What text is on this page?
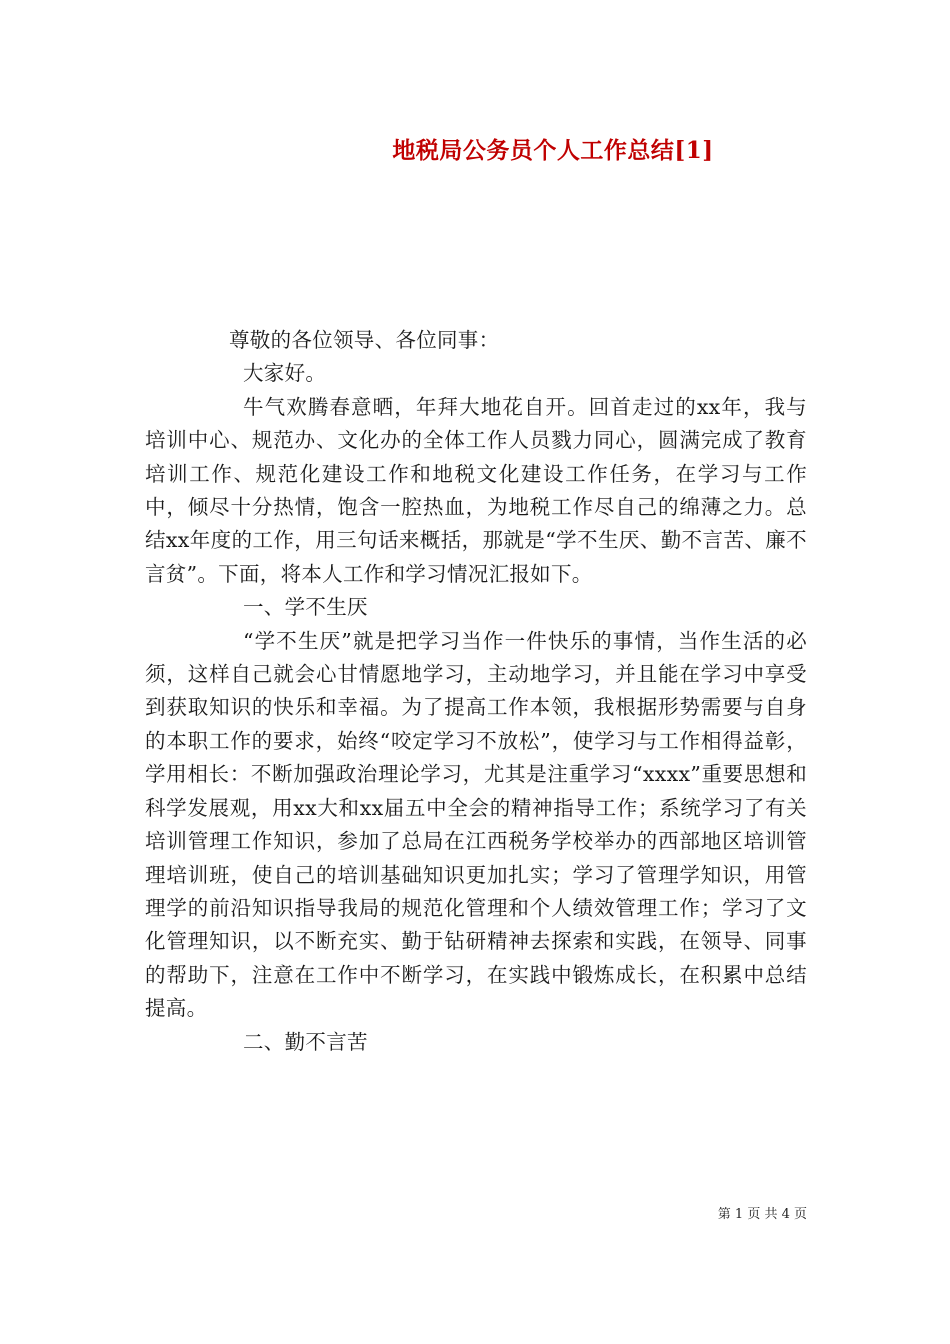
地税局公务员个人工作总结[1]

尊敬的各位领导、各位同事：

大家好。

牛气欢腾春意晒，年拜大地花自开。回首走过的xx年，我与培训中心、规范办、文化办的全体工作人员戮力同心，圆满完成了教育培训工作、规范化建设工作和地税文化建设工作任务，在学习与工作中，倾尽十分热情，饱含一腔热血，为地税工作尽自己的绵薄之力。总结xx年度的工作，用三句话来概括，那就是“学不生厌、勤不言苦、廉不言贫”。下面，将本人工作和学习情况汇报如下。

一、学不生厌

“学不生厌”就是把学习当作一件快乐的事情，当作生活的必须，这样自己就会心甘情愿地学习，主动地学习，并且能在学习中享受到获取知识的快乐和幸福。为了提高工作本领，我根据形势需要与自身的本职工作的要求，始终“咬定学习不放松”，使学习与工作相得益彰，学用相长：不断加强政治理论学习，尤其是注重学习“xxxx”重要思想和科学发展观，用xx大和xx届五中全会的精神指导工作；系统学习了有关培训管理工作知识，参加了总局在江西税务学校举办的西部地区培训管理培训班，使自己的培训基础知识更加扎实；学习了管理学知识，用管理学的前沿知识指导我局的规范化管理和个人绩效管理工作；学习了文化管理知识，以不断充实、勤于钻研精神去探索和实践，在领导、同事的帮助下，注意在工作中不断学习，在实践中锻炼成长，在积累中总结提高。

二、勤不言苦

第 1 页 共 4 页
